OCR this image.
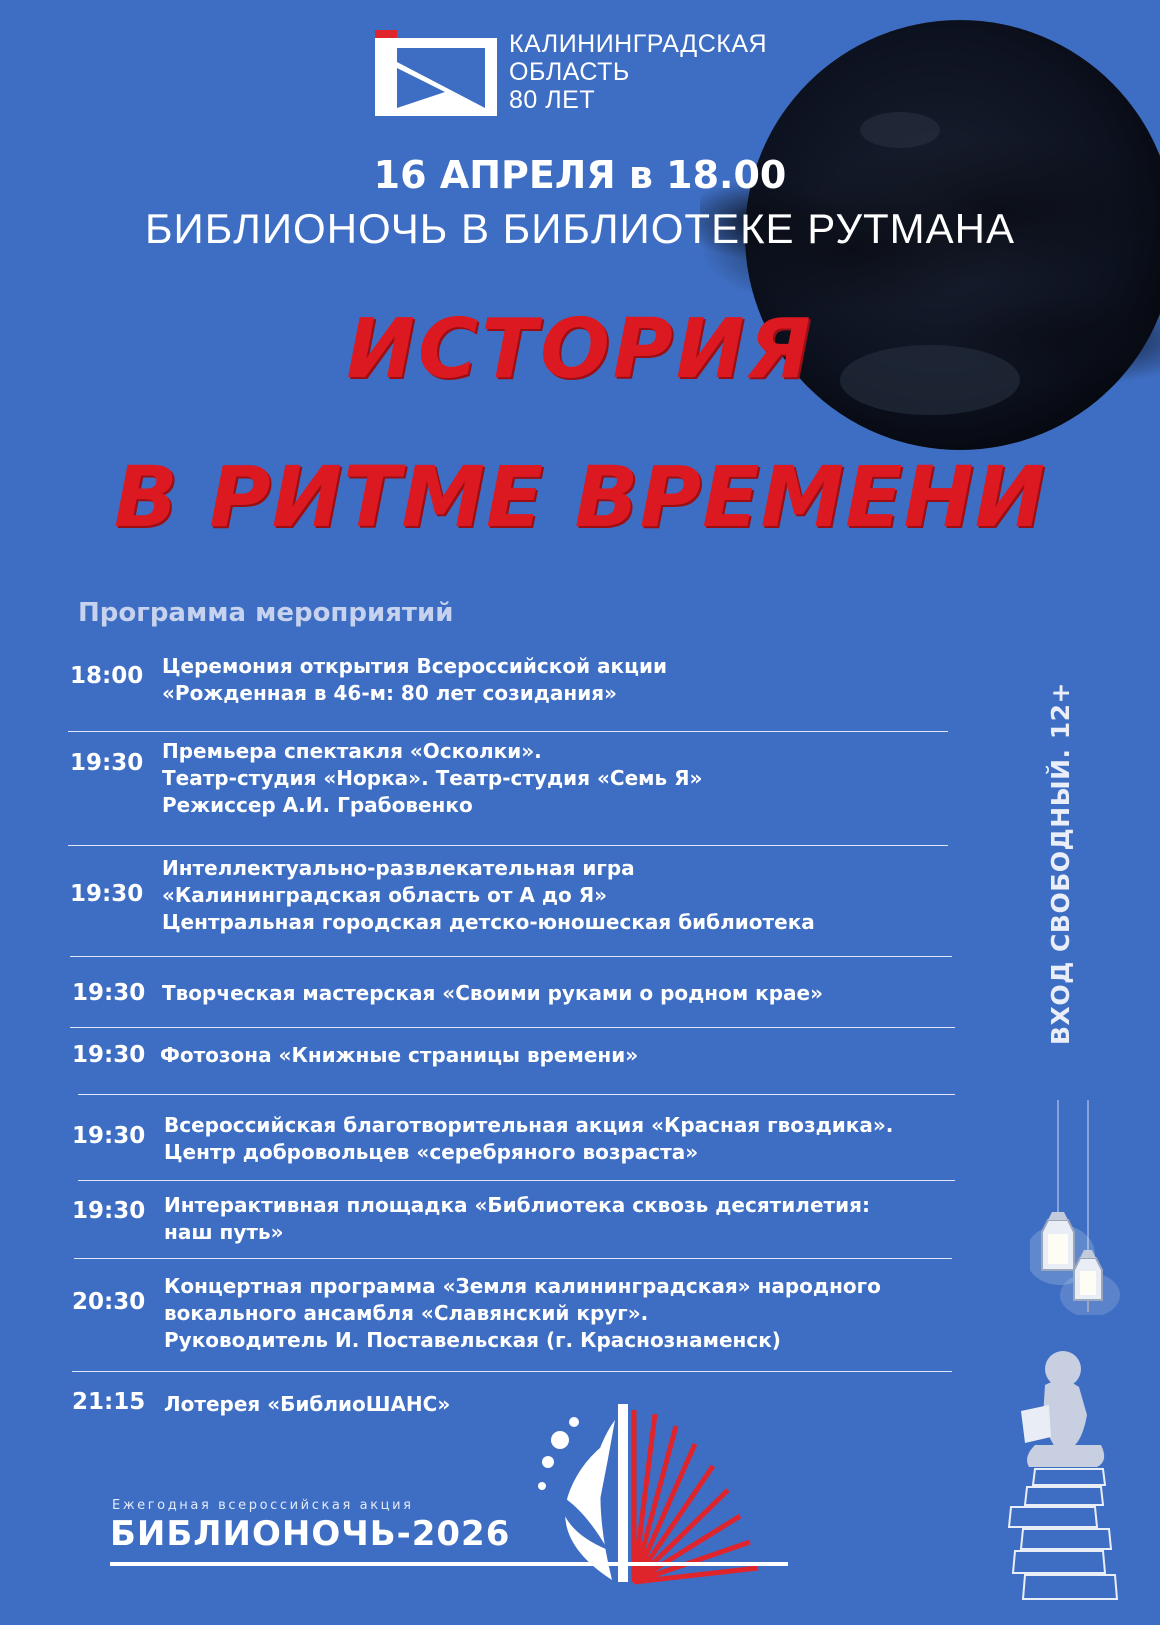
КАЛИНИНГРАДСКАЯ
ОБЛАСТЬ
80 ЛЕТ
16 АПРЕЛЯ в 18.00
БИБЛИОНОЧЬ В БИБЛИОТЕКЕ РУТМАНА
ИСТОРИЯ
В РИТМЕ ВРЕМЕНИ
Программа мероприятий
18:00 Церемония открытия Всероссийской акции
«Рожденная в 46-м: 80 лет созидания»
19:30 Премьера спектакля «Осколки».
Театр-студия «Норка». Театр-студия «Семь Я»
Режиссер А.И. Грабовенко
19:30
Интеллектуально-развлекательная игра
«Калининградская область от А до Я»
Центральная городская детско-юношеская библиотека
19:30 Творческая мастерская «Своими руками о родном крае»
19:30 Фотозона «Книжные страницы времени»
19:30 Всероссийская благотворительная акция «Красная гвоздика».
Центр добровольцев «серебряного возраста»
19:30 Интерактивная площадка «Библиотека сквозь десятилетия:
наш путь»
20:30
Концертная программа «Земля калининградская» народного
вокального ансамбля «Славянский круг».
Руководитель И. Поставельская (г. Краснознаменск)
21:15 Лотерея «БиблиоШАНС»
ВХОД СВОБОДНЫЙ. 12+
Ежегодная всероссийская акция
БИБЛИОНОЧЬ-2026
